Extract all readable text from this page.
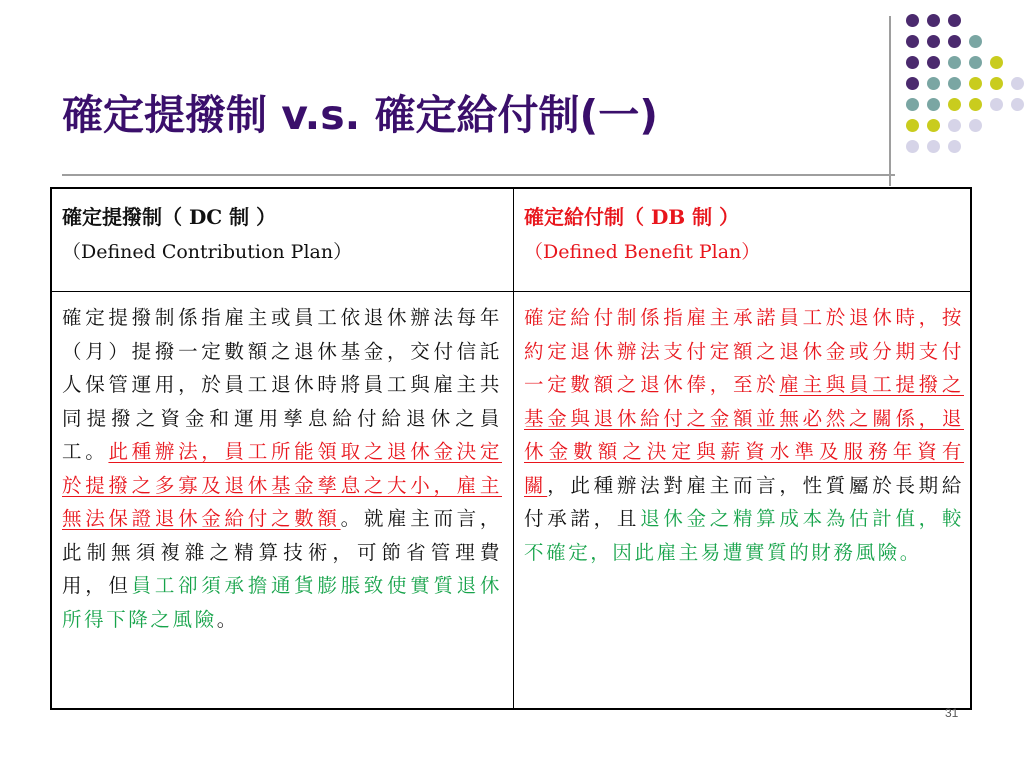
確定提撥制 v.s. 確定給付制(一)
確定提撥制（ DC 制 ）
（Defined Contribution Plan）
確定給付制（ DB 制 ）
（Defined Benefit Plan）
確定提撥制係指雇主或員工依退休辦法每年（月）提撥一定數額之退休基金，交付信託人保管運用，於員工退休時將員工與雇主共同提撥之資金和運用孳息給付給退休之員工。此種辦法，員工所能領取之退休金決定於提撥之多寡及退休基金孳息之大小，雇主無法保證退休金給付之數額。就雇主而言，此制無須複雜之精算技術，可節省管理費用，但員工卻須承擔通貨膨脹致使實質退休所得下降之風險。
確定給付制係指雇主承諾員工於退休時，按約定退休辦法支付定額之退休金或分期支付一定數額之退休俸，至於雇主與員工提撥之基金與退休給付之金額並無必然之關係，退休金數額之決定與薪資水準及服務年資有關，此種辦法對雇主而言，性質屬於長期給付承諾，且退休金之精算成本為估計值，較不確定，因此雇主易遭實質的財務風險。
31
